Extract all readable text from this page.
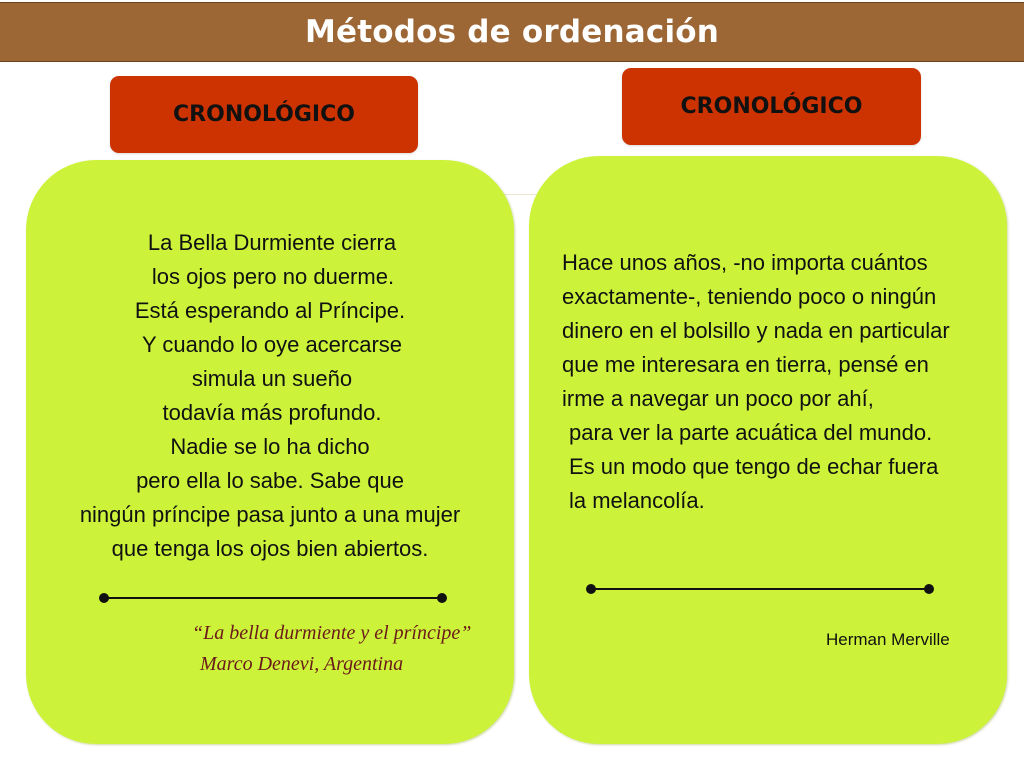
Métodos de ordenación
CRONOLÓGICO	CRONOLÓGICO
La Bella Durmiente cierra
los ojos pero no duerme.
Está esperando al Príncipe.
Y cuando lo oye acercarse
simula un sueño
todavía más profundo.
Nadie se lo ha dicho
pero ella lo sabe. Sabe que
ningún príncipe pasa junto a una mujer
que tenga los ojos bien abiertos.
“La bella durmiente y el príncipe”
Marco Denevi, Argentina
Hace unos años, -no importa cuántos
exactamente-, teniendo poco o ningún
dinero en el bolsillo y nada en particular
que me interesara en tierra, pensé en
irme a navegar un poco por ahí,
para ver la parte acuática del mundo.
Es un modo que tengo de echar fuera
la melancolía.
Herman Merville
